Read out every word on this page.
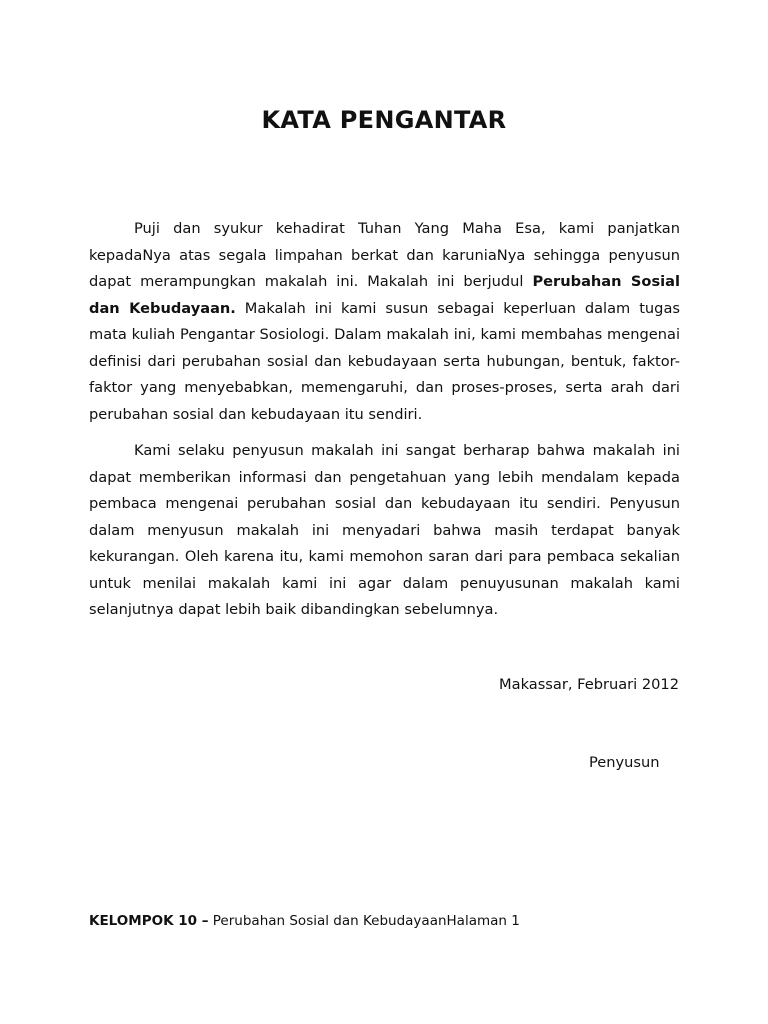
KATA PENGANTAR

Puji dan syukur kehadirat Tuhan Yang Maha Esa, kami panjatkan kepadaNya atas segala limpahan berkat dan karuniaNya sehingga penyusun dapat merampungkan makalah ini. Makalah ini berjudul Perubahan Sosial dan Kebudayaan. Makalah ini kami susun sebagai keperluan dalam tugas mata kuliah Pengantar Sosiologi. Dalam makalah ini, kami membahas mengenai definisi dari perubahan sosial dan kebudayaan serta hubungan, bentuk, faktor-faktor yang menyebabkan, memengaruhi, dan proses-proses, serta arah dari perubahan sosial dan kebudayaan itu sendiri.

Kami selaku penyusun makalah ini sangat berharap bahwa makalah ini dapat memberikan informasi dan pengetahuan yang lebih mendalam kepada pembaca mengenai perubahan sosial dan kebudayaan itu sendiri. Penyusun dalam menyusun makalah ini menyadari bahwa masih terdapat banyak kekurangan. Oleh karena itu, kami memohon saran dari para pembaca sekalian untuk menilai makalah kami ini agar dalam penuyusunan makalah kami selanjutnya dapat lebih baik dibandingkan sebelumnya.

Makassar, Februari 2012

Penyusun

KELOMPOK 10 – Perubahan Sosial dan KebudayaanHalaman 1
